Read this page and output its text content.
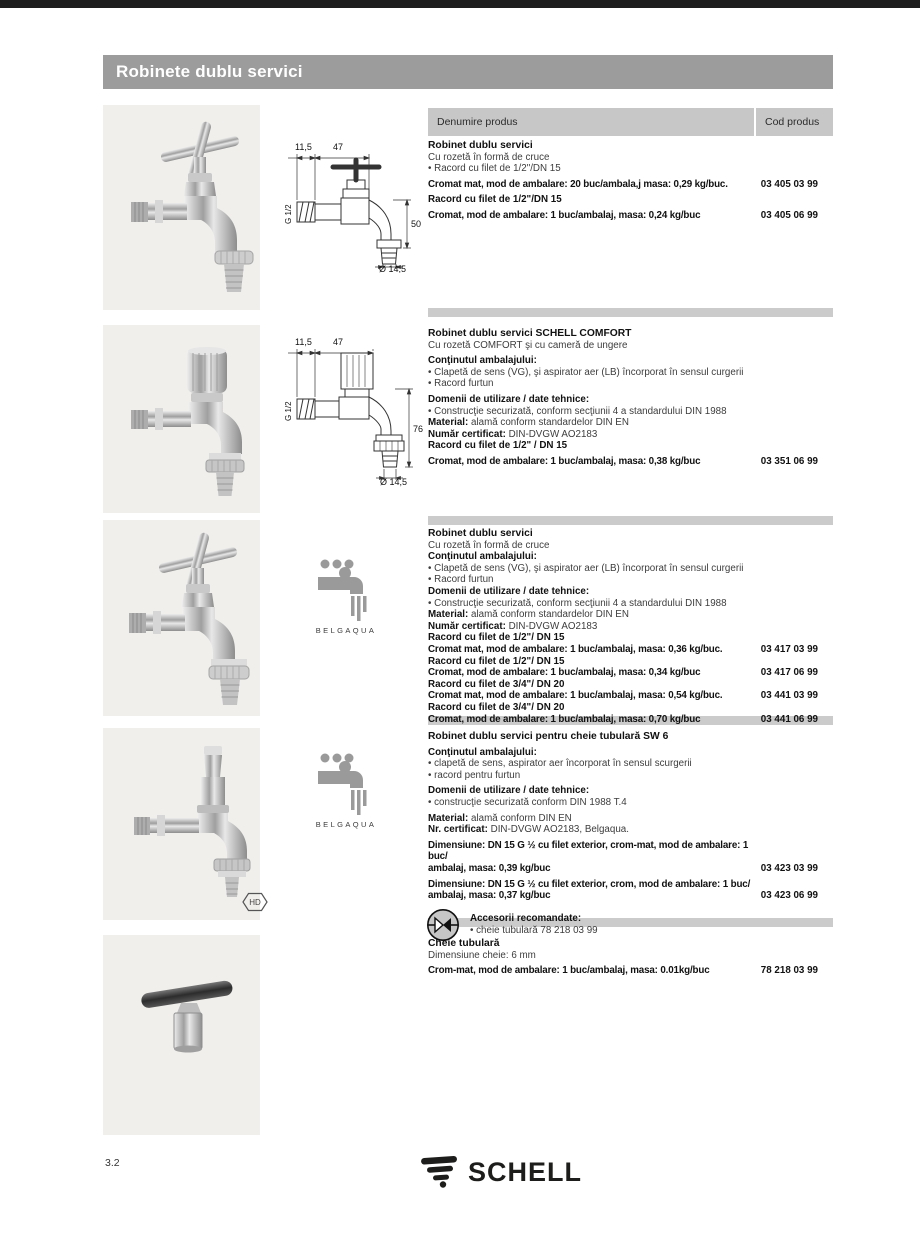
Robinete dublu servici
11,5 47
50
Ø 14,5
G 1/2
11,5 47
76
Ø 14,5
G 1/2
BELGAQUA
BELGAQUA
HD
Denumire produs	Cod produs
Robinet dublu servici
Cu rozetă în formă de cruce
• Racord cu filet de 1/2"/DN 15
Cromat mat, mod de ambalare: 20 buc/ambala,j masa: 0,29 kg/buc.	03 405 03 99
Racord cu filet de 1/2"/DN 15
Cromat, mod de ambalare: 1 buc/ambalaj, masa: 0,24 kg/buc	03 405 06 99
Robinet dublu servici SCHELL COMFORT
Cu rozetă COMFORT şi cu cameră de ungere
Conţinutul ambalajului:
• Clapetă de sens (VG), şi aspirator aer (LB) încorporat în sensul curgerii
• Racord furtun
Domenii de utilizare / date tehnice:
• Construcţie securizată, conform secţiunii 4 a standardului DIN 1988
Material: alamă conform standardelor DIN EN
Număr certificat: DIN-DVGW AO2183
Racord cu filet de 1/2" / DN 15
Cromat, mod de ambalare: 1 buc/ambalaj, masa: 0,38 kg/buc	03 351 06 99
Robinet dublu servici
Cu rozetă în formă de cruce
Conţinutul ambalajului:
• Clapetă de sens (VG), şi aspirator aer (LB) încorporat în sensul curgerii
• Racord furtun
Domenii de utilizare / date tehnice:
• Construcţie securizată, conform secţiunii 4 a standardului DIN 1988
Material: alamă conform standardelor DIN EN
Număr certificat: DIN-DVGW AO2183
Racord cu filet de 1/2"/ DN 15
Cromat mat, mod de ambalare: 1 buc/ambalaj, masa: 0,36 kg/buc.	03 417 03 99
Racord cu filet de 1/2"/ DN 15
Cromat, mod de ambalare: 1 buc/ambalaj, masa: 0,34 kg/buc	03 417 06 99
Racord cu filet de 3/4"/ DN 20
Cromat mat, mod de ambalare: 1 buc/ambalaj, masa: 0,54 kg/buc.	03 441 03 99
Racord cu filet de 3/4"/ DN 20
Cromat, mod de ambalare: 1 buc/ambalaj, masa: 0,70 kg/buc	03 441 06 99
Robinet dublu servici pentru cheie tubulară SW 6
Conţinutul ambalajului:
• clapetă de sens, aspirator aer încorporat în sensul scurgerii
• racord pentru furtun
Domenii de utilizare / date tehnice:
• construcţie securizată conform DIN 1988 T.4
Material: alamă conform DIN EN
Nr. certificat: DIN-DVGW AO2183, Belgaqua.
Dimensiune: DN 15 G ½ cu filet exterior, crom-mat, mod de ambalare: 1 buc/
ambalaj, masa: 0,39 kg/buc	03 423 03 99
Dimensiune: DN 15 G ½ cu filet exterior, crom, mod de ambalare: 1 buc/
ambalaj, masa: 0,37 kg/buc	03 423 06 99
Accesorii recomandate:
• cheie tubulară 78 218 03 99
Cheie tubulară
Dimensiune cheie: 6 mm
Crom-mat, mod de ambalare: 1 buc/ambalaj, masa: 0.01kg/buc	78 218 03 99
3.2	SCHELL
